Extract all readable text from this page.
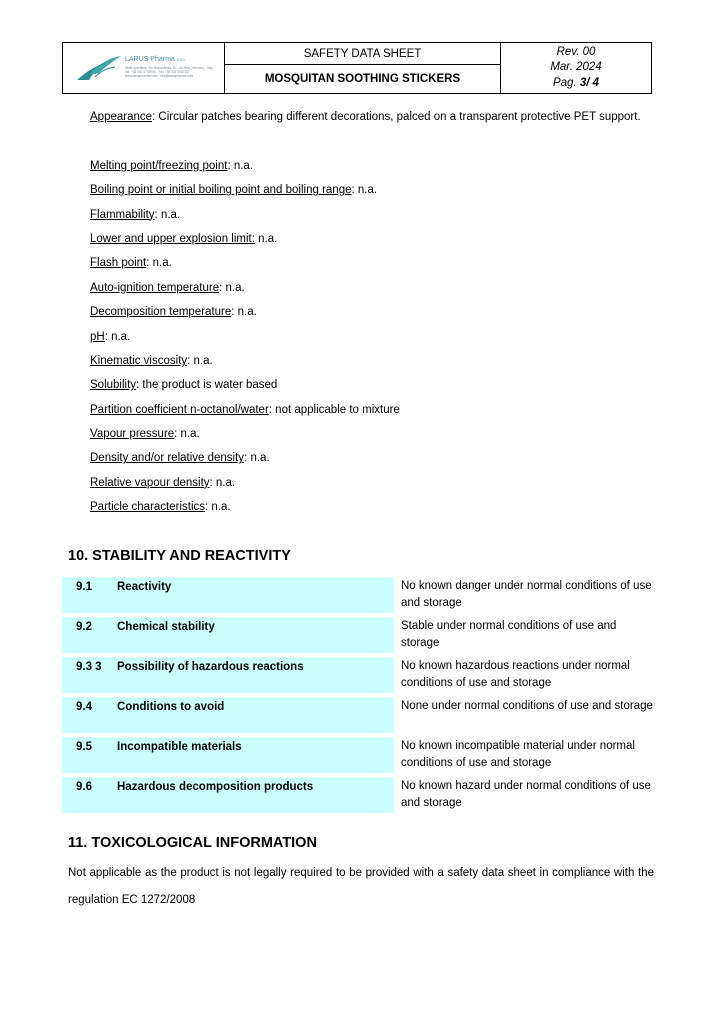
LARUS Pharma S.R.L.
Sede operativa: Via Malcontenta, 20 - 30 Mira (Venezia) - Italy
Tel. +39 041 5759040 - Fax +39 041 5967337
www.laruspharma.com - info@laruspharma.com
SAFETY DATA SHEET
MOSQUITAN SOOTHING STICKERS
Rev. 00
Mar. 2024
Pag. 3/ 4
Appearance: Circular patches bearing different decorations, palced on a transparent protective PET support.
Melting point/freezing point: n.a.
Boiling point or initial boiling point and boiling range: n.a.
Flammability: n.a.
Lower and upper explosion limit: n.a.
Flash point: n.a.
Auto-ignition temperature: n.a.
Decomposition temperature: n.a.
pH: n.a.
Kinematic viscosity: n.a.
Solubility: the product is water based
Partition coefficient n-octanol/water: not applicable to mixture
Vapour pressure: n.a.
Density and/or relative density: n.a.
Relative vapour density: n.a.
Particle characteristics: n.a.
10. STABILITY AND REACTIVITY
9.1	Reactivity	No known danger under normal conditions of use and storage
9.2	Chemical stability	Stable under normal conditions of use and storage
9.3 3	Possibility of hazardous reactions	No known hazardous reactions under normal conditions of use and storage
9.4	Conditions to avoid	None under normal conditions of use and storage
9.5	Incompatible materials	No known incompatible material under normal conditions of use and storage
9.6	Hazardous decomposition products	No known hazard under normal conditions of use and storage
11. TOXICOLOGICAL INFORMATION
Not applicable as the product is not legally required to be provided with a safety data sheet in compliance with the regulation EC 1272/2008
